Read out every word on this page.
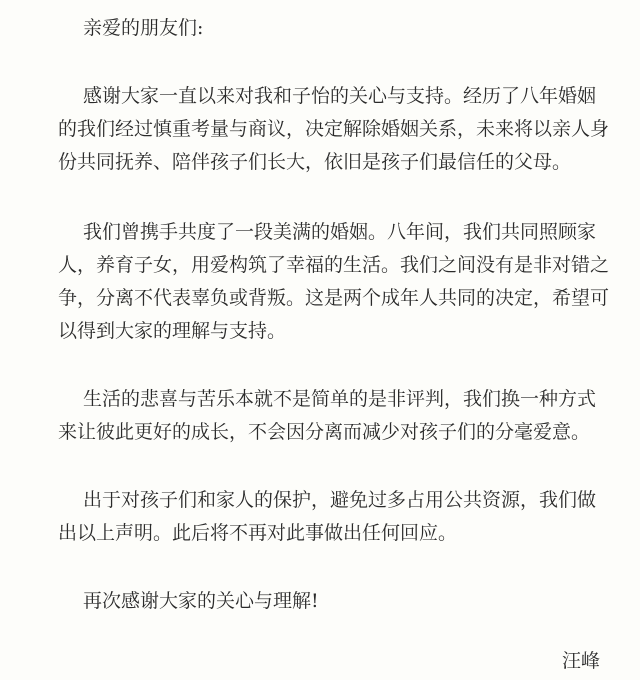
亲爱的朋友们:
感谢大家一直以来对我和子怡的关心与支持。经历了八年婚姻
的我们经过慎重考量与商议，决定解除婚姻关系，未来将以亲人身
份共同抚养、陪伴孩子们长大，依旧是孩子们最信任的父母。
我们曾携手共度了一段美满的婚姻。八年间，我们共同照顾家
人，养育子女，用爱构筑了幸福的生活。我们之间没有是非对错之
争，分离不代表辜负或背叛。这是两个成年人共同的决定，希望可
以得到大家的理解与支持。
生活的悲喜与苦乐本就不是简单的是非评判，我们换一种方式
来让彼此更好的成长，不会因分离而减少对孩子们的分毫爱意。
出于对孩子们和家人的保护，避免过多占用公共资源，我们做
出以上声明。此后将不再对此事做出任何回应。
再次感谢大家的关心与理解!
汪峰
